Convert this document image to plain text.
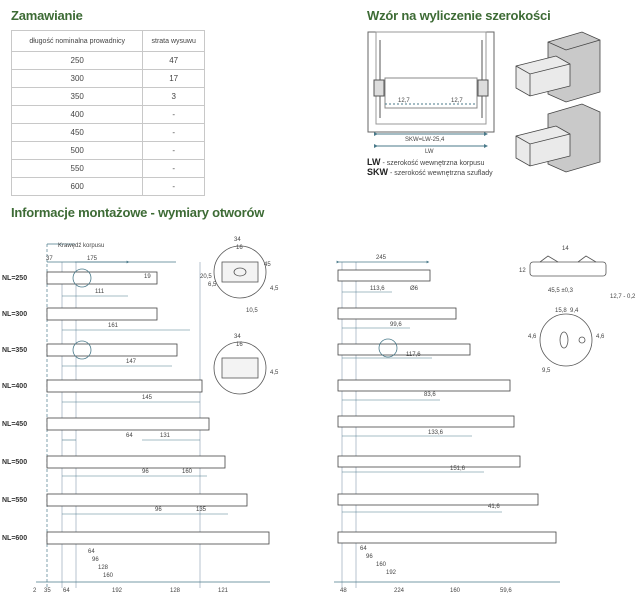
Zamawianie	Wzór na wyliczenie szerokości
Informacje montażowe - wymiary otworów
długość nominalna prowadnicy	strata wysuwu
250	47
300	17
350	3
400	-
450	-
500	-
550	-
600	-
LW - szerokość wewnętrzna korpusu
SKW - szerokość wewnętrzna szuflady
12,7	12,7
SKW=LW-25,4
LW
Krawędź korpusu
37	175
NL=250
NL=300
NL=350
NL=400
NL=450
NL=500
NL=550
NL=600
111
161
147
145
64	131
96	160
96	135
64
96
128
160
2 35 64	192	128	121
34
16
45
20,5
6,5
4,5
10,5
19
34
16
4,5
245
Ø6
113,6
99,6
117,6
83,6
133,6
151,6
41,6
64
96
160
192
48	224	160	59,6
14
12
45,5 ±0,3
12,7 - 0,2
15,8 9,4
4,6	4,6
9,5
